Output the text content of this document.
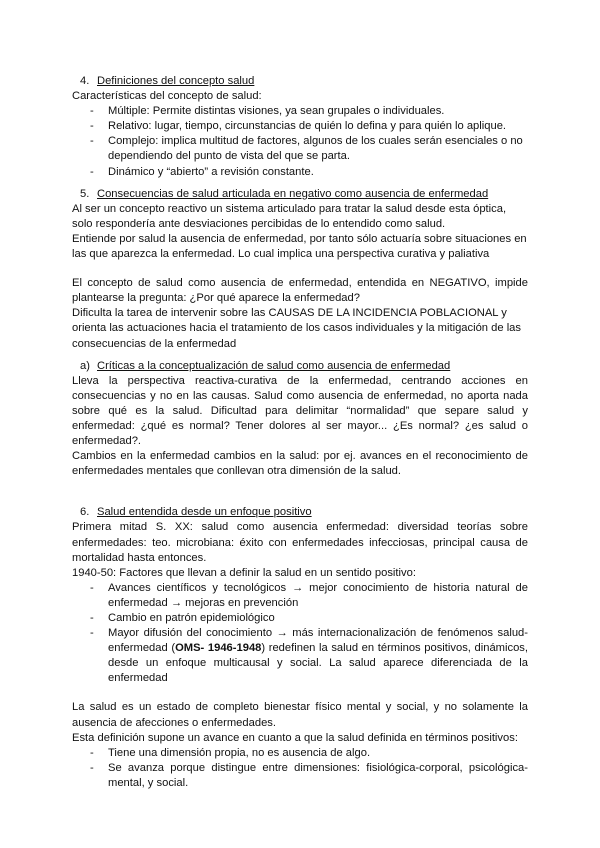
4. Definiciones del concepto salud

Características del concepto de salud:

- Múltiple: Permite distintas visiones, ya sean grupales o individuales.
- Relativo: lugar, tiempo, circunstancias de quién lo defina y para quién lo aplique.
- Complejo: implica multitud de factores, algunos de los cuales serán esenciales o no dependiendo del punto de vista del que se parta.
- Dinámico y “abierto” a revisión constante.
5. Consecuencias de salud articulada en negativo como ausencia de enfermedad

Al ser un concepto reactivo un sistema articulado para tratar la salud desde esta óptica, solo respondería ante desviaciones percibidas de lo entendido como salud.

Entiende por salud la ausencia de enfermedad, por tanto sólo actuaría sobre situaciones en las que aparezca la enfermedad. Lo cual implica una perspectiva curativa y paliativa

El concepto de salud como ausencia de enfermedad, entendida en NEGATIVO, impide plantearse la pregunta: ¿Por qué aparece la enfermedad?

Dificulta la tarea de intervenir sobre las CAUSAS DE LA INCIDENCIA POBLACIONAL y orienta las actuaciones hacia el tratamiento de los casos individuales y la mitigación de las consecuencias de la enfermedad

a) Críticas a la conceptualización de salud como ausencia de enfermedad

Lleva la perspectiva reactiva-curativa de la enfermedad, centrando acciones en consecuencias y no en las causas. Salud como ausencia de enfermedad, no aporta nada sobre qué es la salud. Dificultad para delimitar “normalidad” que separe salud y enfermedad: ¿qué es normal? Tener dolores al ser mayor... ¿Es normal? ¿es salud o enfermedad?.

Cambios en la enfermedad cambios en la salud: por ej. avances en el reconocimiento de enfermedades mentales que conllevan otra dimensión de la salud.

6. Salud entendida desde un enfoque positivo

Primera mitad S. XX: salud como ausencia enfermedad: diversidad teorías sobre enfermedades: teo. microbiana: éxito con enfermedades infecciosas, principal causa de mortalidad hasta entonces.

1940-50: Factores que llevan a definir la salud en un sentido positivo:

- Avances científicos y tecnológicos → mejor conocimiento de historia natural de enfermedad → mejoras en prevención
- Cambio en patrón epidemiológico
- Mayor difusión del conocimiento → más internacionalización de fenómenos salud-enfermedad (OMS- 1946-1948) redefinen la salud en términos positivos, dinámicos, desde un enfoque multicausal y social. La salud aparece diferenciada de la enfermedad

La salud es un estado de completo bienestar físico mental y social, y no solamente la ausencia de afecciones o enfermedades.

Esta definición supone un avance en cuanto a que la salud definida en términos positivos:

- Tiene una dimensión propia, no es ausencia de algo.
- Se avanza porque distingue entre dimensiones: fisiológica-corporal, psicológica-mental, y social.
